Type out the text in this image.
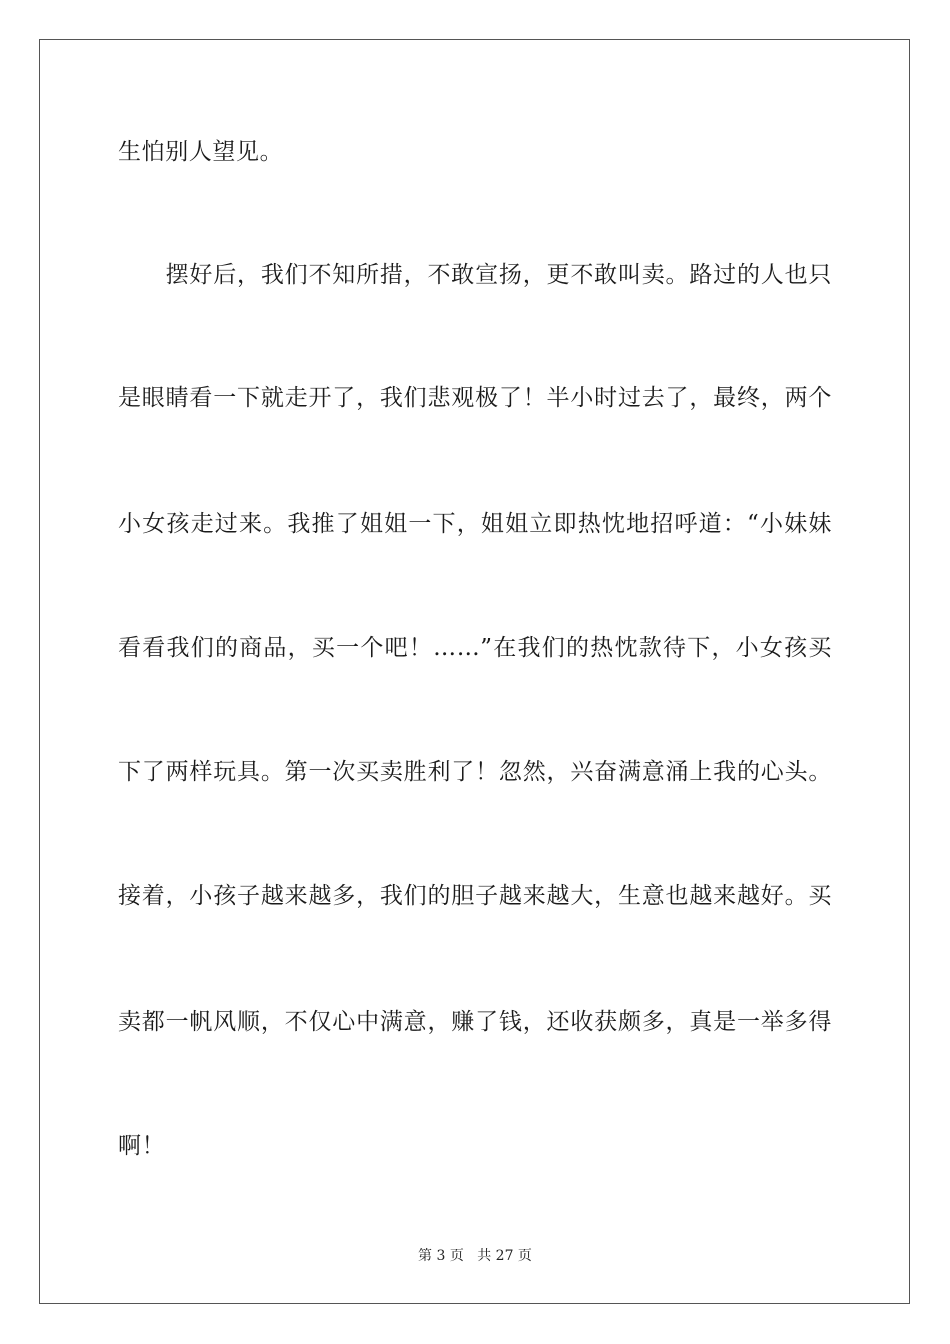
生怕别人望见。
　　摆好后，我们不知所措，不敢宣扬，更不敢叫卖。路过的人也只
是眼睛看一下就走开了，我们悲观极了！半小时过去了，最终，两个
小女孩走过来。我推了姐姐一下，姐姐立即热忱地招呼道：“小妹妹
看看我们的商品，买一个吧！……”在我们的热忱款待下，小女孩买
下了两样玩具。第一次买卖胜利了！忽然，兴奋满意涌上我的心头。
接着，小孩子越来越多，我们的胆子越来越大，生意也越来越好。买
卖都一帆风顺，不仅心中满意，赚了钱，还收获颇多，真是一举多得
啊！
第 3 页 共 27 页
